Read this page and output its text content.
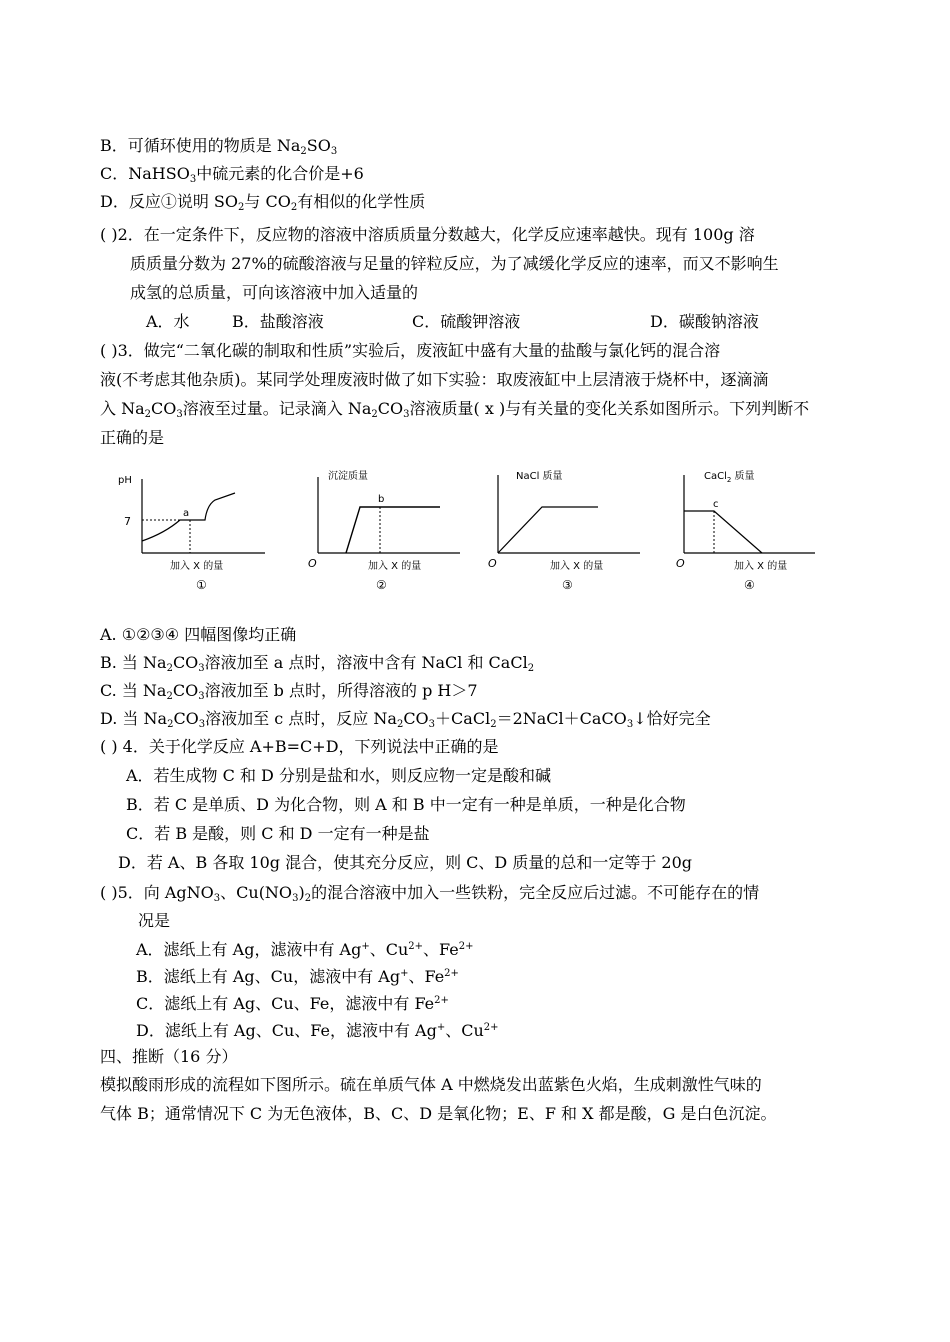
B．可循环使用的物质是 $Na_2SO_3$
C．NaHSO$_3$中硫元素的化合价是+6
D．反应①说明 $SO_2$与 $CO_2$有相似的化学性质
( )2．在一定条件下，反应物的溶液中溶质质量分数越大，化学反应速率越快。现有 100g 溶
质质量分数为 27%的硫酸溶液与足量的锌粒反应，为了减缓化学反应的速率，而又不影响生
成氢的总质量，可向该溶液中加入适量的
A．水	B．盐酸溶液	C．硫酸钾溶液	D．碳酸钠溶液
( )3．做完“二氧化碳的制取和性质”实验后，废液缸中盛有大量的盐酸与氯化钙的混合溶
液(不考虑其他杂质)。某同学处理废液时做了如下实验：取废液缸中上层清液于烧杯中，逐滴滴
入 $Na_2CO_3$溶液至过量。记录滴入 $Na_2CO_3$溶液质量( x )与有关量的变化关系如图所示。下列判断不
正确的是
pH
7
a
加入 X 的量
①
沉淀质量
O
b
加入 X 的量
②
NaCl 质量
O	加入 X 的量
③
CaCl$_2$ 质量
O
c
加入 X 的量
④
A. ①②③④ 四幅图像均正确
B. 当 $Na_2CO_3$溶液加至 a 点时，溶液中含有 NaCl 和 CaCl$_2$
C. 当 $Na_2CO_3$溶液加至 b 点时，所得溶液的 p H＞7
D. 当 $Na_2CO_3$溶液加至 c 点时，反应 $Na_2CO_3+CaCl_2=2NaCl+CaCO_3↓$恰好完全
( ) 4．关于化学反应 A+B=C+D，下列说法中正确的是
A．若生成物 C 和 D 分别是盐和水，则反应物一定是酸和碱
B．若 C 是单质、D 为化合物，则 A 和 B 中一定有一种是单质，一种是化合物
C．若 B 是酸，则 C 和 D 一定有一种是盐
D．若 A、B 各取 10g 混合，使其充分反应，则 C、D 质量的总和一定等于 20g
( )5．向 AgNO$_3$、$Cu(NO_3)_2$的混合溶液中加入一些铁粉，完全反应后过滤。不可能存在的情
况是
A．滤纸上有 Ag，滤液中有 Ag+、$Cu^{2+}$、$Fe^{2+}$
B．滤纸上有 Ag、Cu，滤液中有 Ag+、$Fe^{2+}$
C．滤纸上有 Ag、Cu、Fe，滤液中有 $Fe^{2+}$
D．滤纸上有 Ag、Cu、Fe，滤液中有 Ag+、$Cu^{2+}$
四、推断（16 分）
模拟酸雨形成的流程如下图所示。硫在单质气体 A 中燃烧发出蓝紫色火焰，生成刺激性气味的
气体 B；通常情况下 C 为无色液体，B、C、D 是氧化物；E、F 和 X 都是酸，G 是白色沉淀。
